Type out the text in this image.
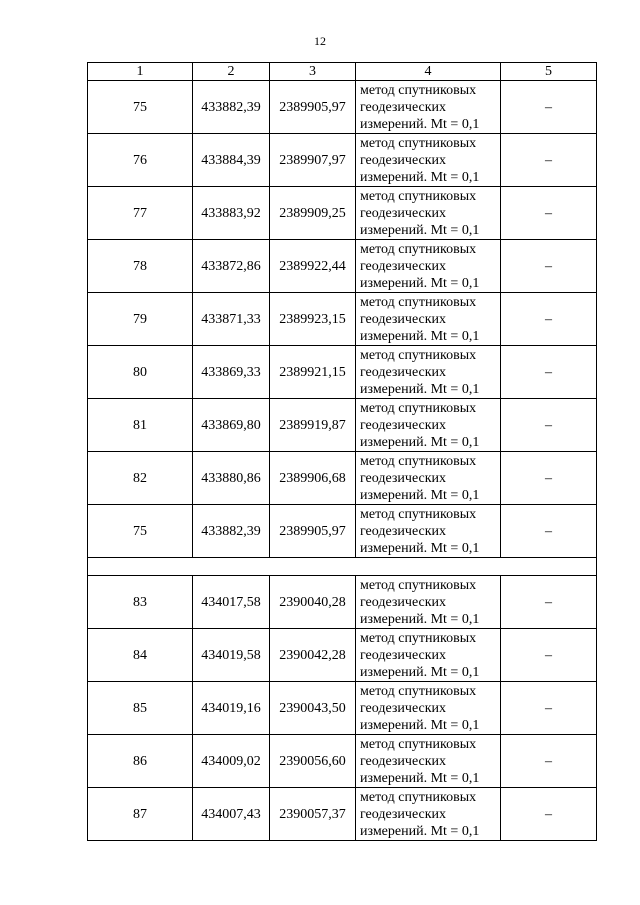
12
1	2	3	4	5
75	433882,39	2389905,97	метод спутниковых
геодезических
измерений. Mt = 0,1	–
76	433884,39	2389907,97	метод спутниковых
геодезических
измерений. Mt = 0,1	–
77	433883,92	2389909,25	метод спутниковых
геодезических
измерений. Mt = 0,1	–
78	433872,86	2389922,44	метод спутниковых
геодезических
измерений. Mt = 0,1	–
79	433871,33	2389923,15	метод спутниковых
геодезических
измерений. Mt = 0,1	–
80	433869,33	2389921,15	метод спутниковых
геодезических
измерений. Mt = 0,1	–
81	433869,80	2389919,87	метод спутниковых
геодезических
измерений. Mt = 0,1	–
82	433880,86	2389906,68	метод спутниковых
геодезических
измерений. Mt = 0,1	–
75	433882,39	2389905,97	метод спутниковых
геодезических
измерений. Mt = 0,1	–

83	434017,58	2390040,28	метод спутниковых
геодезических
измерений. Mt = 0,1	–
84	434019,58	2390042,28	метод спутниковых
геодезических
измерений. Mt = 0,1	–
85	434019,16	2390043,50	метод спутниковых
геодезических
измерений. Mt = 0,1	–
86	434009,02	2390056,60	метод спутниковых
геодезических
измерений. Mt = 0,1	–
87	434007,43	2390057,37	метод спутниковых
геодезических
измерений. Mt = 0,1	–
